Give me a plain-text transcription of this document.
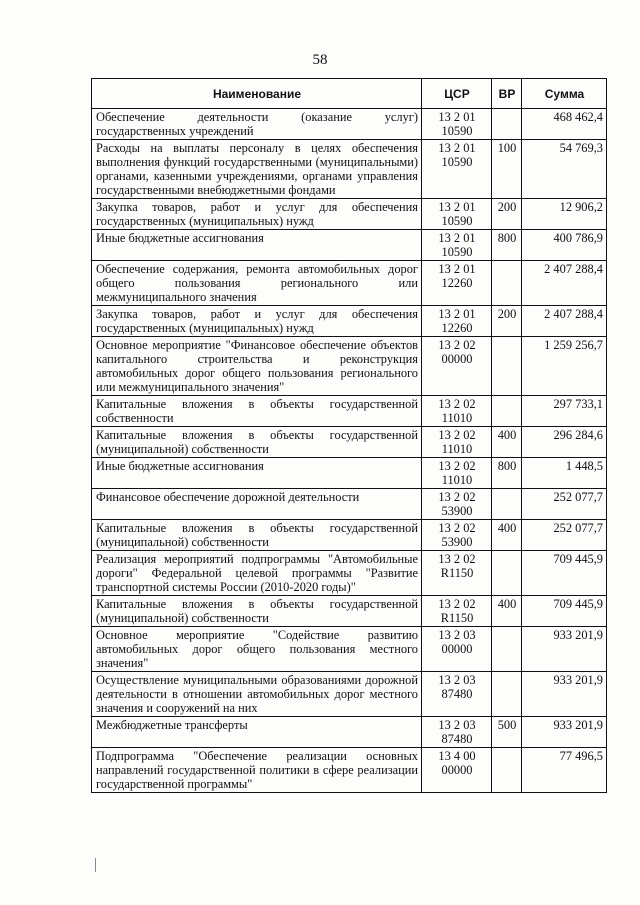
58
Наименование	ЦСР	ВР	Сумма
Обеспечение деятельности (оказание услуг) государственных учреждений	13 2 01 10590		468 462,4
Расходы на выплаты персоналу в целях обеспечения выполнения функций государственными (муниципальными) органами, казенными учреждениями, органами управления государственными внебюджетными фондами	13 2 01 10590	100	54 769,3
Закупка товаров, работ и услуг для обеспечения государственных (муниципальных) нужд	13 2 01 10590	200	12 906,2
Иные бюджетные ассигнования	13 2 01 10590	800	400 786,9
Обеспечение содержания, ремонта автомобильных дорог общего пользования регионального или межмуниципального значения	13 2 01 12260		2 407 288,4
Закупка товаров, работ и услуг для обеспечения государственных (муниципальных) нужд	13 2 01 12260	200	2 407 288,4
Основное мероприятие "Финансовое обеспечение объектов капитального строительства и реконструкция автомобильных дорог общего пользования регионального или межмуниципального значения"	13 2 02 00000		1 259 256,7
Капитальные вложения в объекты государственной собственности	13 2 02 11010		297 733,1
Капитальные вложения в объекты государственной (муниципальной) собственности	13 2 02 11010	400	296 284,6
Иные бюджетные ассигнования	13 2 02 11010	800	1 448,5
Финансовое обеспечение дорожной деятельности	13 2 02 53900		252 077,7
Капитальные вложения в объекты государственной (муниципальной) собственности	13 2 02 53900	400	252 077,7
Реализация мероприятий подпрограммы "Автомобильные дороги" Федеральной целевой программы "Развитие транспортной системы России (2010-2020 годы)"	13 2 02 R1150		709 445,9
Капитальные вложения в объекты государственной (муниципальной) собственности	13 2 02 R1150	400	709 445,9
Основное мероприятие "Содействие развитию автомобильных дорог общего пользования местного значения"	13 2 03 00000		933 201,9
Осуществление муниципальными образованиями дорожной деятельности в отношении автомобильных дорог местного значения и сооружений на них	13 2 03 87480		933 201,9
Межбюджетные трансферты	13 2 03 87480	500	933 201,9
Подпрограмма "Обеспечение реализации основных направлений государственной политики в сфере реализации государственной программы"	13 4 00 00000		77 496,5
